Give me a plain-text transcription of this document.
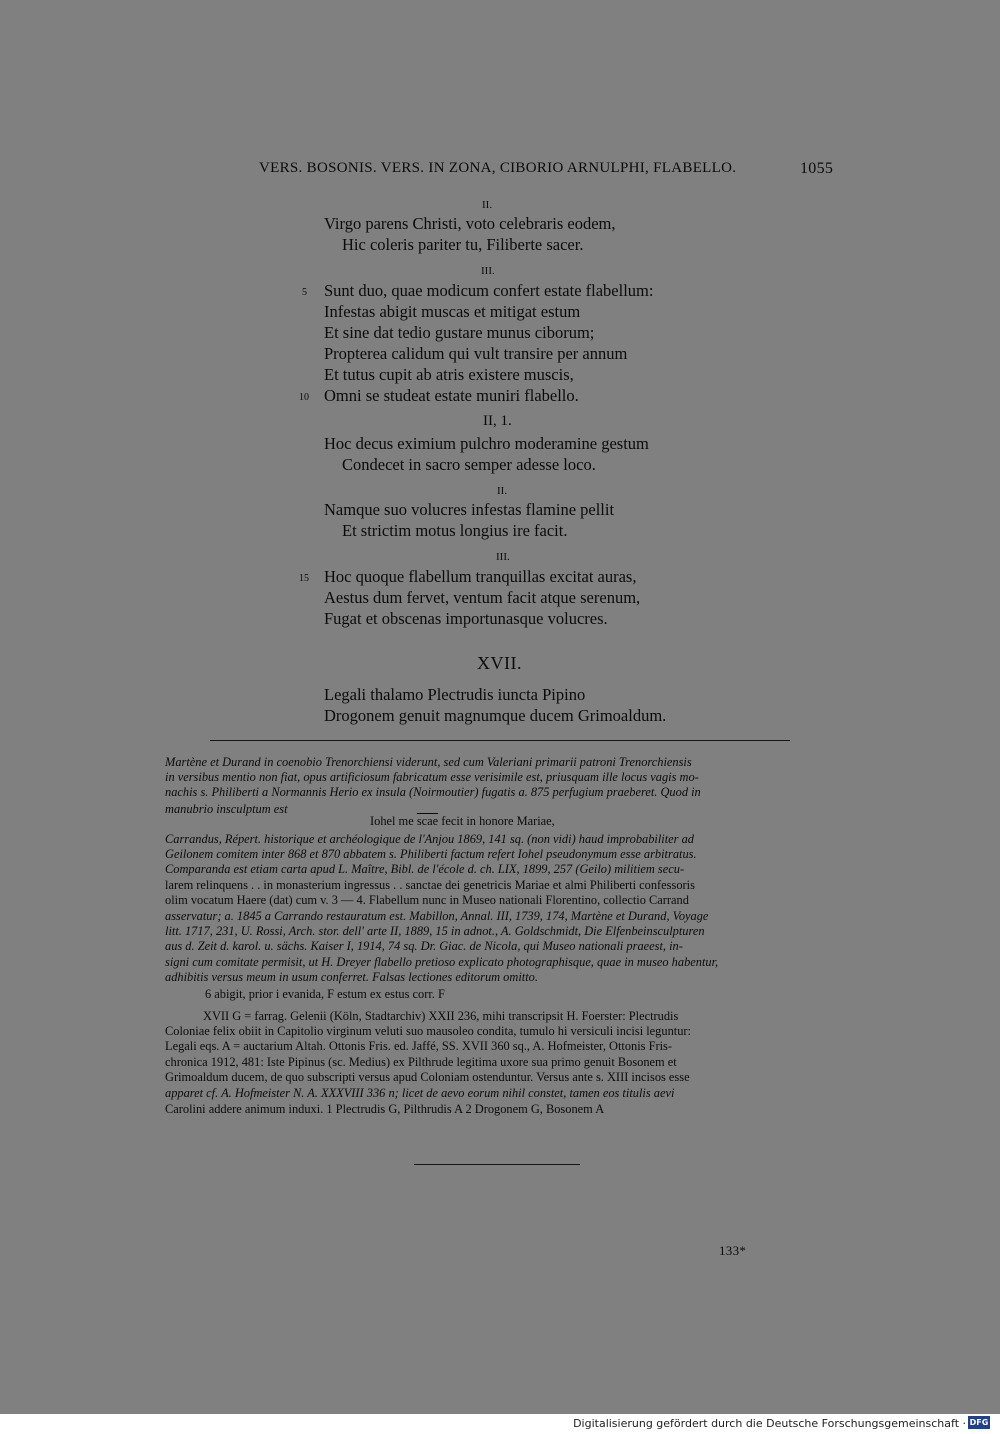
VERS. BOSONIS. VERS. IN ZONA, CIBORIO ARNULPHI, FLABELLO.	1055
II.
Virgo parens Christi, voto celebraris eodem,
Hic coleris pariter tu, Filiberte sacer.
III.
5 Sunt duo, quae modicum confert estate flabellum:
Infestas abigit muscas et mitigat estum
Et sine dat tedio gustare munus ciborum;
Propterea calidum qui vult transire per annum
Et tutus cupit ab atris existere muscis,
10 Omni se studeat estate muniri flabello.
II, 1.
Hoc decus eximium pulchro moderamine gestum
Condecet in sacro semper adesse loco.
II.
Namque suo volucres infestas flamine pellit
Et strictim motus longius ire facit.
III.
15 Hoc quoque flabellum tranquillas excitat auras,
Aestus dum fervet, ventum facit atque serenum,
Fugat et obscenas importunasque volucres.
XVII.
Legali thalamo Plectrudis iuncta Pipino
Drogonem genuit magnumque ducem Grimoaldum.
Martène et Durand in coenobio Trenorchiensi viderunt, sed cum Valeriani primarii patroni Trenorchiensis
in versibus mentio non fiat, opus artificiosum fabricatum esse verisimile est, priusquam ille locus vagis mo-
nachis s. Philiberti a Normannis Herio ex insula (Noirmoutier) fugatis a. 875 perfugium praeberet. Quod in
manubrio insculptum est
Iohel me scae fecit in honore Mariae,
Carrandus, Répert. historique et archéologique de l'Anjou 1869, 141 sq. (non vidi) haud improbabiliter ad
Geilonem comitem inter 868 et 870 abbatem s. Philiberti factum refert Iohel pseudonymum esse arbitratus.
Comparanda est etiam carta apud L. Maître, Bibl. de l'école d. ch. LIX, 1899, 257 (Geilo) militiem secu-
larem relinquens . . in monasterium ingressus . . sanctae dei genetricis Mariae et almi Philiberti confessoris
olim vocatum Haere (dat) cum v. 3 — 4. Flabellum nunc in Museo nationali Florentino, collectio Carrand
asservatur; a. 1845 a Carrando restauratum est. Mabillon, Annal. III, 1739, 174, Martène et Durand, Voyage
litt. 1717, 231, U. Rossi, Arch. stor. dell' arte II, 1889, 15 in adnot., A. Goldschmidt, Die Elfenbeinsculpturen
aus d. Zeit d. karol. u. sächs. Kaiser I, 1914, 74 sq. Dr. Giac. de Nicola, qui Museo nationali praeest, in-
signi cum comitate permisit, ut H. Dreyer flabello pretioso explicato photographisque, quae in museo habentur,
adhibitis versus meum in usum conferret. Falsas lectiones editorum omitto.
6 abigit, prior i evanida, F estum ex estus corr. F
XVII G = farrag. Gelenii (Köln, Stadtarchiv) XXII 236, mihi transcripsit H. Foerster: Plectrudis
Coloniae felix obiit in Capitolio virginum veluti suo mausoleo condita, tumulo hi versiculi incisi leguntur:
Legali eqs. A = auctarium Altah. Ottonis Fris. ed. Jaffé, SS. XVII 360 sq., A. Hofmeister, Ottonis Fris-
chronica 1912, 481: Iste Pipinus (sc. Medius) ex Pilthrude legitima uxore sua primo genuit Bosonem et
Grimoaldum ducem, de quo subscripti versus apud Coloniam ostenduntur. Versus ante s. XIII incisos esse
apparet cf. A. Hofmeister N. A. XXXVIII 336 n; licet de aevo eorum nihil constet, tamen eos titulis aevi
Carolini addere animum induxi. 1 Plectrudis G, Pilthrudis A 2 Drogonem G, Bosonem A
133*
Digitalisierung gefördert durch die Deutsche Forschungsgemeinschaft · DFG
